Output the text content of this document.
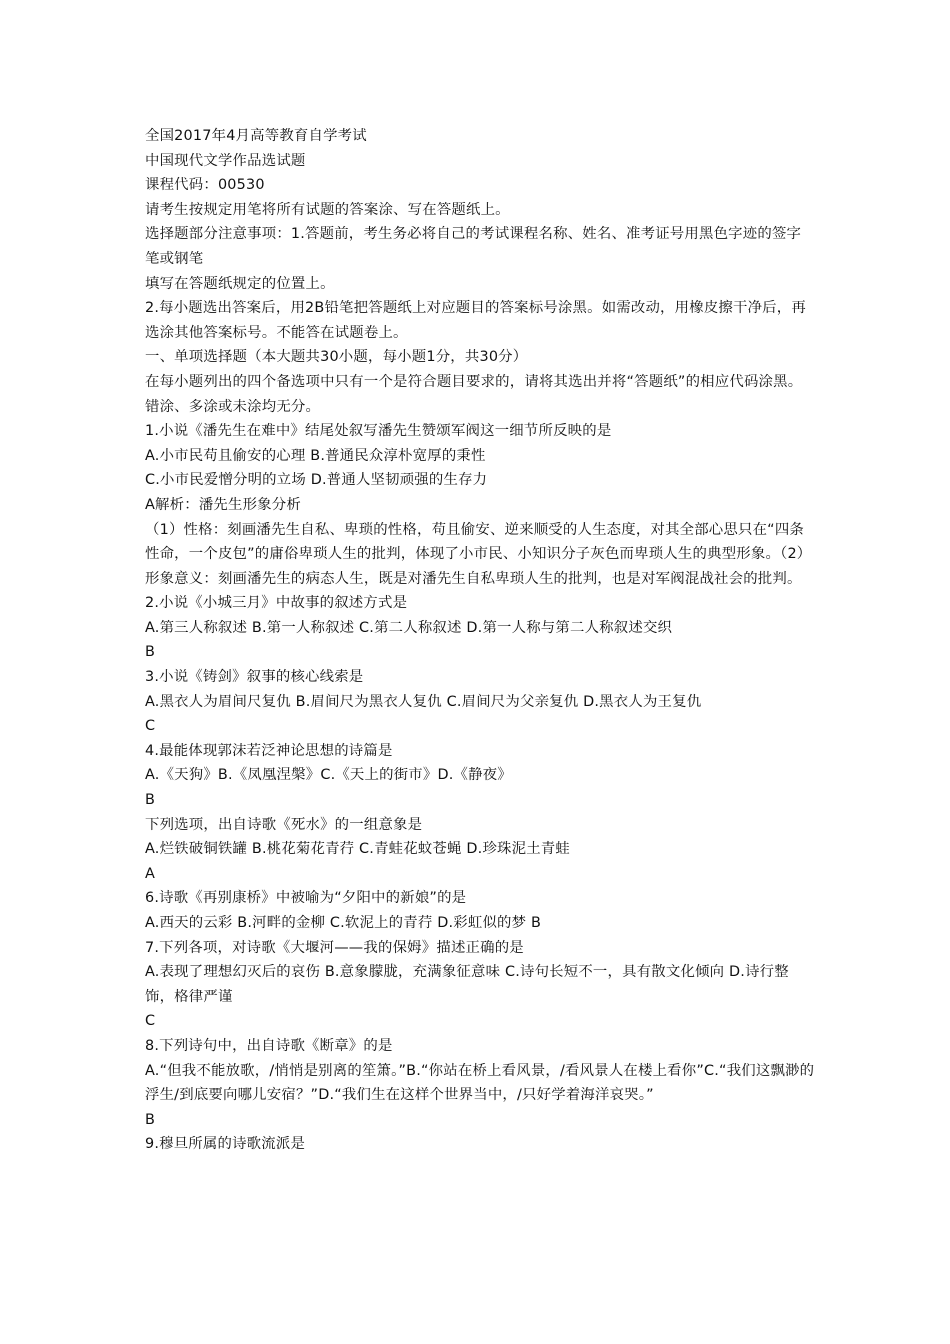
全国2017年4月高等教育自学考试

中国现代文学作品选试题

课程代码：00530

请考生按规定用笔将所有试题的答案涂、写在答题纸上。

选择题部分注意事项：1.答题前，考生务必将自己的考试课程名称、姓名、准考证号用黑色字迹的签字笔或钢笔

填写在答题纸规定的位置上。

2.每小题选出答案后，用2B铅笔把答题纸上对应题目的答案标号涂黑。如需改动，用橡皮擦干净后，再选涂其他答案标号。不能答在试题卷上。

一、单项选择题（本大题共30小题，每小题1分，共30分）

在每小题列出的四个备选项中只有一个是符合题目要求的，请将其选出并将“答题纸”的相应代码涂黑。错涂、多涂或未涂均无分。

1.小说《潘先生在难中》结尾处叙写潘先生赞颂军阀这一细节所反映的是

A.小市民苟且偷安的心理 B.普通民众淳朴宽厚的秉性

C.小市民爱憎分明的立场 D.普通人坚韧顽强的生存力

A解析：潘先生形象分析

（1）性格：刻画潘先生自私、卑琐的性格，苟且偷安、逆来顺受的人生态度，对其全部心思只在“四条性命，一个皮包”的庸俗卑琐人生的批判，体现了小市民、小知识分子灰色而卑琐人生的典型形象。（2）形象意义：刻画潘先生的病态人生，既是对潘先生自私卑琐人生的批判，也是对军阀混战社会的批判。

2.小说《小城三月》中故事的叙述方式是

A.第三人称叙述 B.第一人称叙述 C.第二人称叙述 D.第一人称与第二人称叙述交织

B

3.小说《铸剑》叙事的核心线索是

A.黑衣人为眉间尺复仇 B.眉间尺为黑衣人复仇 C.眉间尺为父亲复仇 D.黑衣人为王复仇

C

4.最能体现郭沫若泛神论思想的诗篇是

A.《天狗》B.《凤凰涅槃》C.《天上的街市》D.《静夜》

B

下列选项，出自诗歌《死水》的一组意象是

A.烂铁破铜铁罐 B.桃花菊花青荇 C.青蛙花蚊苍蝇 D.珍珠泥土青蛙

A

6.诗歌《再别康桥》中被喻为“夕阳中的新娘”的是

A.西天的云彩 B.河畔的金柳 C.软泥上的青荇 D.彩虹似的梦 B

7.下列各项，对诗歌《大堰河——我的保姆》描述正确的是

A.表现了理想幻灭后的哀伤 B.意象朦胧，充满象征意味 C.诗句长短不一，具有散文化倾向 D.诗行整饰，格律严谨

C

8.下列诗句中，出自诗歌《断章》的是

A.“但我不能放歌，/悄悄是别离的笙箫。”B.“你站在桥上看风景，/看风景人在楼上看你”C.“我们这飘渺的浮生/到底要向哪儿安宿？”D.“我们生在这样个世界当中，/只好学着海洋哀哭。”

B

9.穆旦所属的诗歌流派是
